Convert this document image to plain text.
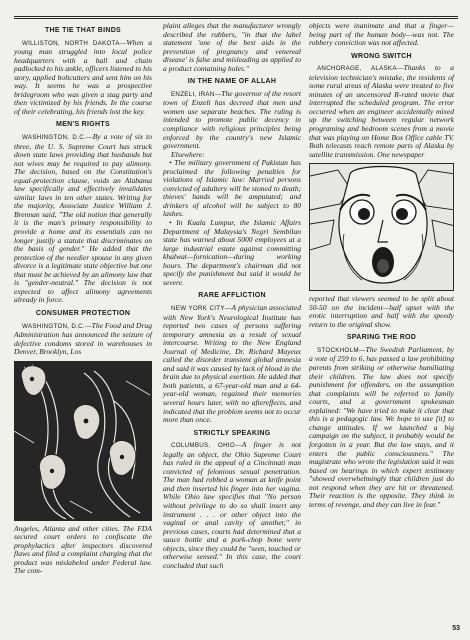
THE TIE THAT BINDS

WILLISTON, NORTH DAKOTA—When a young man struggled into local police headquarters with a ball and chain padlocked to his ankle, officers listened to his story, applied boltcutters and sent him on his way. It seems he was a prospective bridegroom who was given a stag party and then victimized by his friends. In the course of their celebrating, his friends lost the key.

MEN'S RIGHTS

WASHINGTON, D.C.—By a vote of six to three, the U. S. Supreme Court has struck down state laws providing that husbands but not wives may be required to pay alimony. The decision, based on the Constitution's equal-protection clause, voids an Alabama law specifically and effectively invalidates similar laws in ten other states. Writing for the majority, Associate Justice William J. Brennan said, "The old notion that generally it is the man's primary responsibility to provide a home and its essentials can no longer justify a statute that discriminates on the basis of gender." He added that the protection of the needier spouse in any given divorce is a legitimate state objective but one that must be achieved by an alimony law that is "gender-neutral." The decision is not expected to affect alimony agreements already in force.

CONSUMER PROTECTION

WASHINGTON, D.C.—The Food and Drug Administration has announced the seizure of defective condoms stored in warehouses in Denver, Brooklyn, Los

Angeles, Atlanta and other cities. The FDA secured court orders to confiscate the prophylactics after inspectors discovered flaws and filed a complaint charging that the product was mislabeled under Federal law. The com-

plaint alleges that the manufacturer wrongly described the rubbers, "in that the label statement 'one of the best aids in the prevention of pregnancy and venereal disease' is false and misleading as applied to a product containing holes."

IN THE NAME OF ALLAH

ENZELI, IRAN—The governor of the resort town of Enzeli has decreed that men and women use separate beaches. The ruling is intended to promote public decency in compliance with religious principles being enforced by the country's new Islamic government.

Elsewhere:

• The military government of Pakistan has proclaimed the following penalties for violations of Islamic law: Married persons convicted of adultery will be stoned to death; thieves' hands will be amputated; and drinkers of alcohol will be subject to 80 lashes.

• In Kuala Lumpur, the Islamic Affairs Department of Malaysia's Negri Sembilan state has warned about 5000 employees at a large industrial estate against committing khalwat—fornication—during working hours. The department's chairman did not specify the punishment but said it would be severe.

RARE AFFLICTION

NEW YORK CITY—A physician associated with New York's Neurological Institute has reported two cases of persons suffering temporary amnesia as a result of sexual intercourse. Writing to the New England Journal of Medicine, Dr. Richard Mayeux called the disorder transient global amnesia and said it was caused by lack of blood in the brain due to physical exertion. He added that both patients, a 67-year-old man and a 64-year-old woman, regained their memories several hours later, with no aftereffects, and indicated that the problem seems not to occur more than once.

STRICTLY SPEAKING

COLUMBUS, OHIO—A finger is not legally an object, the Ohio Supreme Court has ruled in the appeal of a Cincinnati man convicted of felonious sexual penetration. The man had robbed a woman at knife point and then inserted his finger into her vagina. While Ohio law specifies that "No person without privilege to do so shall insert any instrument . . . or other object into the vaginal or anal cavity of another," in previous cases, courts had determined that a sauce bottle and a pork-chop bone were objects, since they could be "seen, touched or otherwise sensed." In this case, the court concluded that such

objects were inanimate and that a finger—being part of the human body—was not. The robbery conviction was not affected.

WRONG SWITCH

ANCHORAGE, ALASKA—Thanks to a television technician's mistake, the residents of some rural areas of Alaska were treated to five minutes of an uncensored R-rated movie that interrupted the scheduled program. The error occurred when an engineer accidentally mixed up the switching between regular network programing and bedroom scenes from a movie that was playing on Home Box Office cable TV. Both telecasts reach remote parts of Alaska by satellite transmission. One newspaper

reported that viewers seemed to be split about 50-50 on the incident—half upset with the erotic interruption and half with the speedy return to the original show.

SPARING THE ROD

STOCKHOLM—The Swedish Parliament, by a vote of 259 to 6, has passed a law prohibiting parents from striking or otherwise humiliating their children. The law does not specify punishment for offenders, on the assumption that complaints will be referred to family courts, and a government spokesman explained: "We have tried to make it clear that this is a pedagogic law. We hope to use [it] to change attitudes. If we launched a big campaign on the subject, it probably would be forgotten in a year. But the law stays, and it enters the public consciousness." The magistrate who wrote the legislation said it was based on hearings in which expert testimony "showed overwhelmingly that children just do not respond when they are hit or threatened. Their reaction is the opposite. They think in terms of revenge, and they can live in fear."

53
